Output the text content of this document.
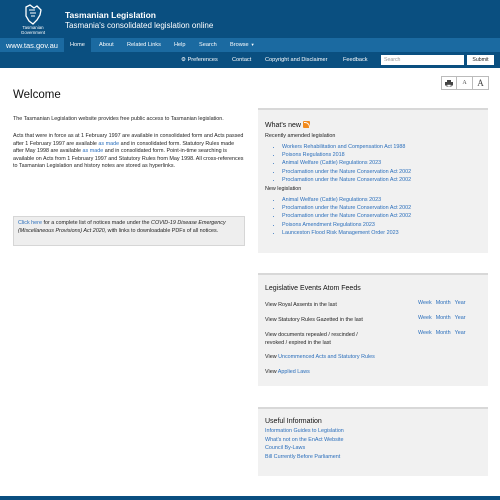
Tasmanian
Government
Tasmanian Legislation
Tasmania's consolidated legislation online
www.tas.gov.au	Home	About	Related Links	Help	Search	Browse ▼
⚙ Preferences	Contact Copyright and Disclaimer	Feedback
Search	Submit
A	A
Welcome

The Tasmanian Legislation website provides free public access to Tasmanian legislation.

Acts that were in force as at 1 February 1997 are available in consolidated form and Acts passed after 1 February 1997 are available as made and in consolidated form. Statutory Rules made after May 1998 are available as made and in consolidated form. Point-in-time searching is available on Acts from 1 February 1997 and Statutory Rules from May 1998. All cross-references to Tasmanian Legislation and history notes are stored as hyperlinks.

Click here for a complete list of notices made under the COVID-19 Disease Emergency (Miscellaneous Provisions) Act 2020, with links to downloadable PDFs of all notices.
What's new
Recently amended legislation
• Workers Rehabilitation and Compensation Act 1988
• Poisons Regulations 2018
• Animal Welfare (Cattle) Regulations 2023
• Proclamation under the Nature Conservation Act 2002
• Proclamation under the Nature Conservation Act 2002
New legislation
• Animal Welfare (Cattle) Regulations 2023
• Proclamation under the Nature Conservation Act 2002
• Proclamation under the Nature Conservation Act 2002
• Poisons Amendment Regulations 2023
• Launceston Flood Risk Management Order 2023
Legislative Events Atom Feeds
View Royal Assents in the last	Week Month Year
View Statutory Rules Gazetted in the last	Week Month Year
View documents repealed / rescinded / revoked / expired in the last
Week Month Year
View Uncommenced Acts and Statutory Rules
View Applied Laws
Useful Information
Information Guides to Legislation
What's not on the EnAct Website
Council By-Laws
Bill Currently Before Parliament
